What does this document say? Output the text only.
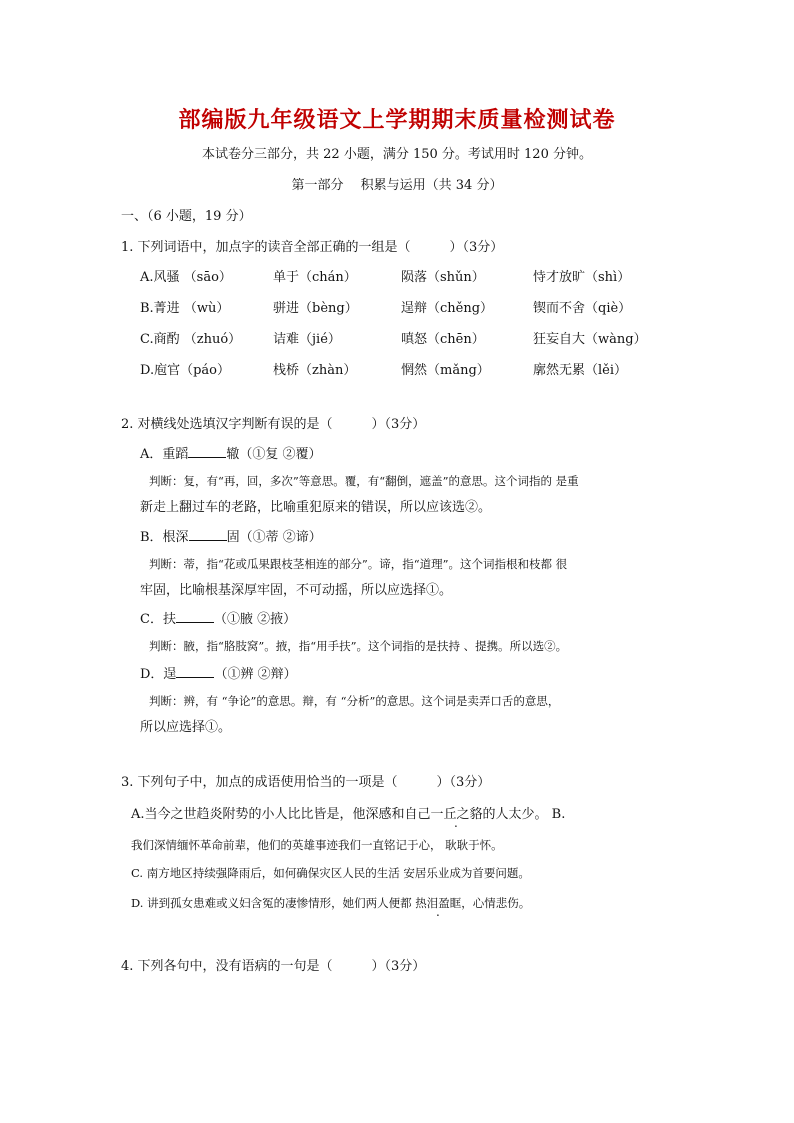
部编版九年级语文上学期期末质量检测试卷
本试卷分三部分，共 22 小题，满分 150 分。考试用时 120 分钟。
第一部分　 积累与运用（共 34 分）
一、（6 小题，19 分）
1. 下列词语中，加点字的读音全部正确的一组是（　　　）（3分）
A.风骚 （sāo）	单于（chán）	陨落（shǔn）	恃才放旷（shì）
B.菁进 （wù）	骈进（bèng）	逞辩（chěng）	锲而不舍（qiè）
C.商酌 （zhuó） 诘难（jié）	嗔怒（chēn）	狂妄自大（wàng）
D.庖官（páo）	栈桥（zhàn）	惘然（mǎng）	廓然无累（lěi）
2. 对横线处选填汉字判断有误的是（　　　）（3分）
A．重蹈	辙（①复 ②覆）
判断：复，有“再，回，多次”等意思。覆，有“翻倒，遮盖”的意思。这个词指的 是重
新走上翻过车的老路，比喻重犯原来的错误，所以应该选②。
B．根深	固（①蒂 ②谛）
判断：蒂，指“花或瓜果跟枝茎相连的部分”。谛，指“道理”。这个词指根和枝都 很
牢固，比喻根基深厚牢固，不可动摇，所以应选择①。
C．扶	（①腋 ②掖）
判断：腋，指“胳肢窝”。掖，指“用手扶”。这个词指的是扶持 、提携。所以选②。
D．逞	（①辨 ②辩）
判断：辨，有 “争论”的意思。辩，有 “分析”的意思。这个词是卖弄口舌的意思，
所以应选择①。
3. 下列句子中，加点的成语使用恰当的一项是（　　　）（3分）
A.当今之世趋炎附势的小人比比皆是，他深感和自己一丘之貉的人太少。 B.
我们深情缅怀革命前辈，他们的英雄事迹我们一直铭记于心， 耿耿于怀。
C. 南方地区持续强降雨后，如何确保灾区人民的生活 安居乐业成为首要问题。
D. 讲到孤女患难或义妇含冤的凄惨情形，她们两人便都 热泪盈眶，心情悲伤。
4. 下列各句中，没有语病的一句是（　　　）（3分）
